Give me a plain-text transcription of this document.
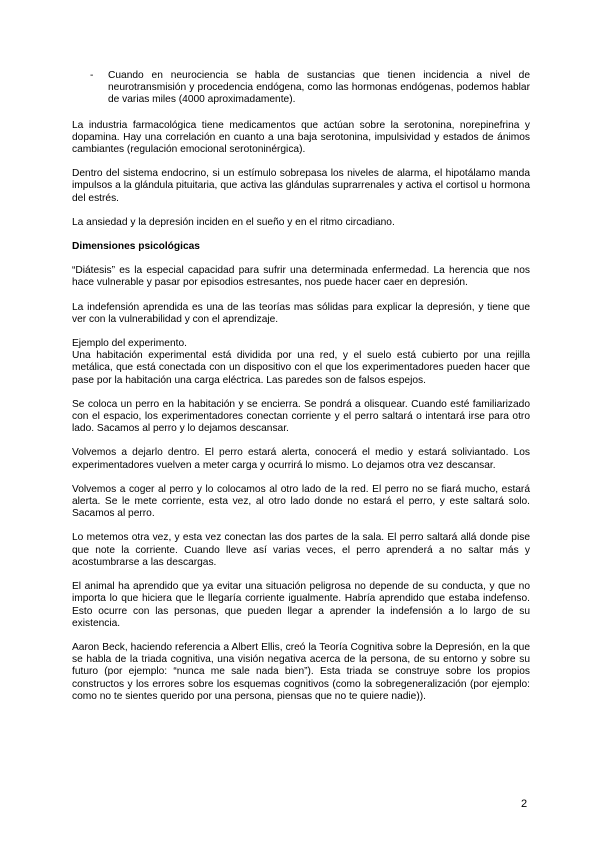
-	Cuando en neurociencia se habla de sustancias que tienen incidencia a nivel de neurotransmisión y procedencia endógena, como las hormonas endógenas, podemos hablar de varias miles (4000 aproximadamente).

La industria farmacológica tiene medicamentos que actúan sobre la serotonina, norepinefrina y dopamina. Hay una correlación en cuanto a una baja serotonina, impulsividad y estados de ánimos cambiantes (regulación emocional serotoninérgica).

Dentro del sistema endocrino, si un estímulo sobrepasa los niveles de alarma, el hipotálamo manda impulsos a la glándula pituitaria, que activa las glándulas suprarrenales y activa el cortisol u hormona del estrés.

La ansiedad y la depresión inciden en el sueño y en el ritmo circadiano.

Dimensiones psicológicas

“Diátesis” es la especial capacidad para sufrir una determinada enfermedad. La herencia que nos hace vulnerable y pasar por episodios estresantes, nos puede hacer caer en depresión.

La indefensión aprendida es una de las teorías mas sólidas para explicar la depresión, y tiene que ver con la vulnerabilidad y con el aprendizaje.

Ejemplo del experimento.

Una habitación experimental está dividida por una red, y el suelo está cubierto por una rejilla metálica, que está conectada con un dispositivo con el que los experimentadores pueden hacer que pase por la habitación una carga eléctrica. Las paredes son de falsos espejos.

Se coloca un perro en la habitación y se encierra. Se pondrá a olisquear. Cuando esté familiarizado con el espacio, los experimentadores conectan corriente y el perro saltará o intentará irse para otro lado. Sacamos al perro y lo dejamos descansar.

Volvemos a dejarlo dentro. El perro estará alerta, conocerá el medio y estará soliviantado. Los experimentadores vuelven a meter carga y ocurrirá lo mismo. Lo dejamos otra vez descansar.

Volvemos a coger al perro y lo colocamos al otro lado de la red. El perro no se fiará mucho, estará alerta. Se le mete corriente, esta vez, al otro lado donde no estará el perro, y este saltará solo. Sacamos al perro.

Lo metemos otra vez, y esta vez conectan las dos partes de la sala. El perro saltará allá donde pise que note la corriente. Cuando lleve así varias veces, el perro aprenderá a no saltar más y acostumbrarse a las descargas.

El animal ha aprendido que ya evitar una situación peligrosa no depende de su conducta, y que no importa lo que hiciera que le llegaría corriente igualmente. Habría aprendido que estaba indefenso. Esto ocurre con las personas, que pueden llegar a aprender la indefensión a lo largo de su existencia.

Aaron Beck, haciendo referencia a Albert Ellis, creó la Teoría Cognitiva sobre la Depresión, en la que se habla de la triada cognitiva, una visión negativa acerca de la persona, de su entorno y sobre su futuro (por ejemplo: “nunca me sale nada bien”). Esta triada se construye sobre los propios constructos y los errores sobre los esquemas cognitivos (como la sobregeneralización (por ejemplo: como no te sientes querido por una persona, piensas que no te quiere nadie)).

2
